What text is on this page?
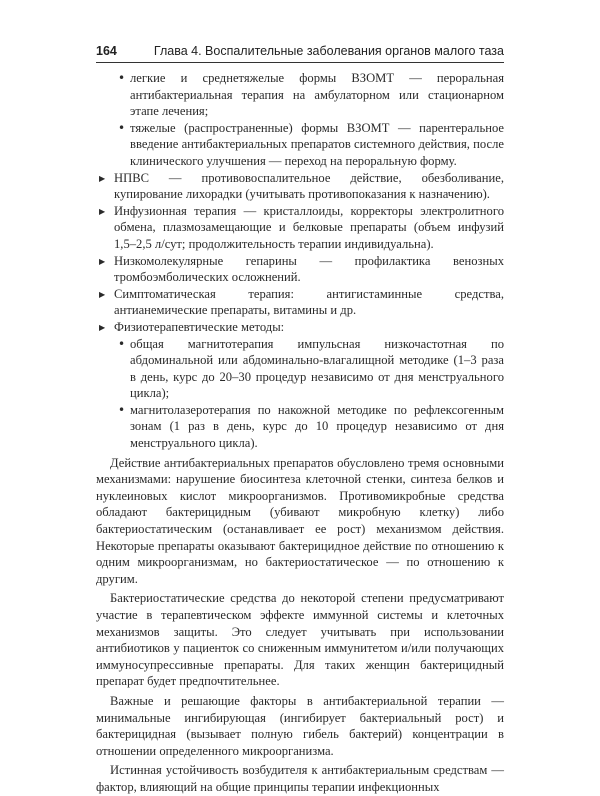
164	Глава 4. Воспалительные заболевания органов малого таза
• легкие и среднетяжелые формы ВЗОМТ — пероральная антибактериальная терапия на амбулаторном или стационарном этапе лечения;
• тяжелые (распространенные) формы ВЗОМТ — парентеральное введение антибактериальных препаратов системного действия, после клинического улучшения — переход на пероральную форму.
▶ НПВС — противовоспалительное действие, обезболивание, купирование лихорадки (учитывать противопоказания к назначению).
▶ Инфузионная терапия — кристаллоиды, корректоры электролитного обмена, плазмозамещающие и белковые препараты (объем инфузий 1,5–2,5 л/сут; продолжительность терапии индивидуальна).
▶ Низкомолекулярные гепарины — профилактика венозных тромбоэмболических осложнений.
▶ Симптоматическая терапия: антигистаминные средства, антианемические препараты, витамины и др.
▶ Физиотерапевтические методы:
• общая магнитотерапия импульсная низкочастотная по абдоминальной или абдоминально-влагалищной методике (1–3 раза в день, курс до 20–30 процедур независимо от дня менструального цикла);
• магнитолазеротерапия по накожной методике по рефлексогенным зонам (1 раз в день, курс до 10 процедур независимо от дня менструального цикла).

Действие антибактериальных препаратов обусловлено тремя основными механизмами: нарушение биосинтеза клеточной стенки, синтеза белков и нуклеиновых кислот микроорганизмов. Противомикробные средства обладают бактерицидным (убивают микробную клетку) либо бактериостатическим (останавливает ее рост) механизмом действия. Некоторые препараты оказывают бактерицидное действие по отношению к одним микроорганизмам, но бактериостатическое — по отношению к другим.

Бактериостатические средства до некоторой степени предусматривают участие в терапевтическом эффекте иммунной системы и клеточных механизмов защиты. Это следует учитывать при использовании антибиотиков у пациенток со сниженным иммунитетом и/или получающих иммуносупрессивные препараты. Для таких женщин бактерицидный препарат будет предпочтительнее.

Важные и решающие факторы в антибактериальной терапии — минимальные ингибирующая (ингибирует бактериальный рост) и бактерицидная (вызывает полную гибель бактерий) концентрации в отношении определенного микроорганизма.

Истинная устойчивость возбудителя к антибактериальным средствам — фактор, влияющий на общие принципы терапии инфекционных
